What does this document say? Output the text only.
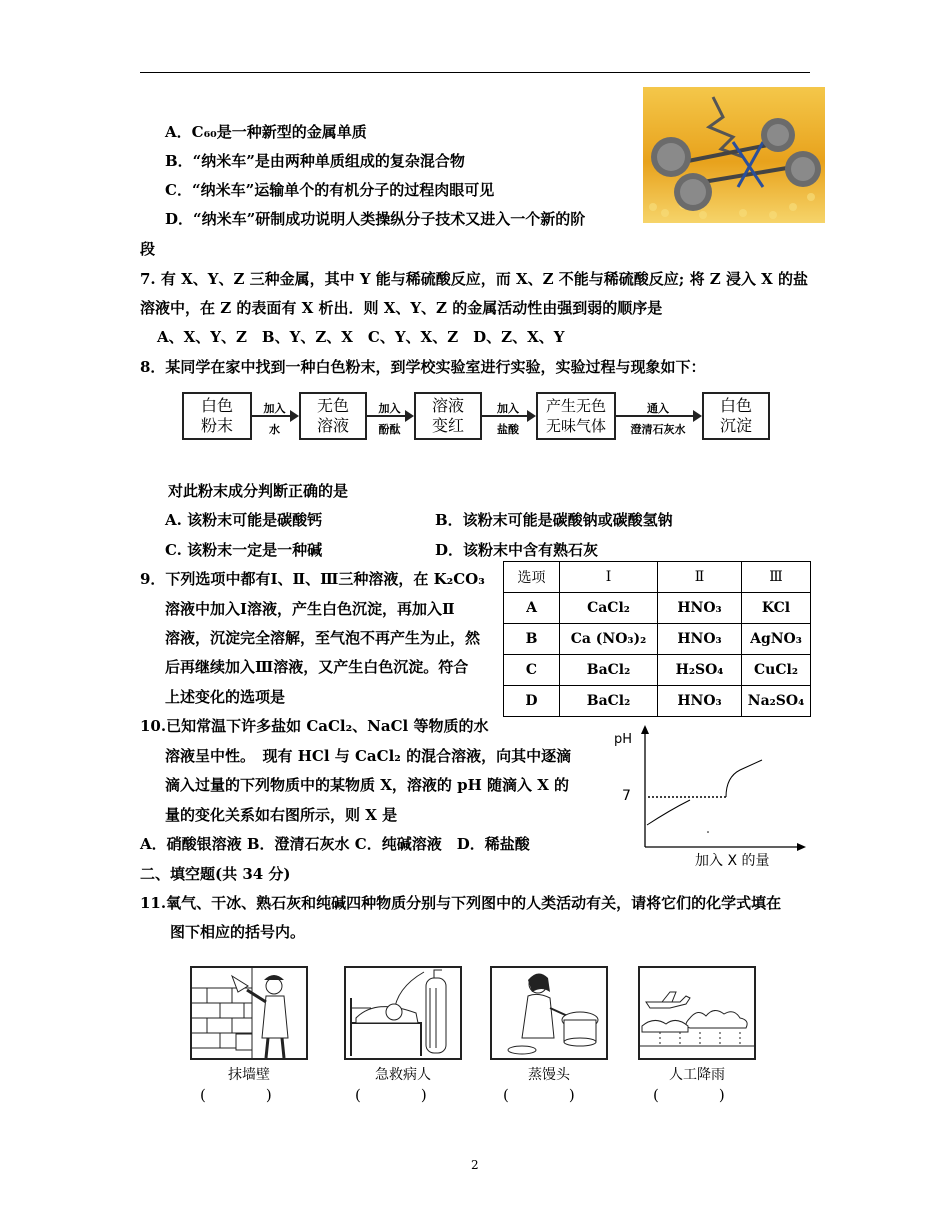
A．C₆₀是一种新型的金属单质
B．“纳米车”是由两种单质组成的复杂混合物
C．“纳米车”运输单个的有机分子的过程肉眼可见
D．“纳米车”研制成功说明人类操纵分子技术又进入一个新的阶
段
7. 有 X、Y、Z 三种金属，其中 Y 能与稀硫酸反应，而 X、Z 不能与稀硫酸反应; 将 Z 浸入 X 的盐
溶液中，在 Z 的表面有 X 析出．则 X、Y、Z 的金属活动性由强到弱的顺序是
A、X、Y、Z　B、Y、Z、X　C、Y、X、Z　D、Z、X、Y
8．某同学在家中找到一种白色粉末，到学校实验室进行实验，实验过程与现象如下：
白色
粉末
加入
水
无色
溶液
加入
酚酞
溶液
变红
加入
盐酸
产生无色
无味气体
通入
澄清石灰水
白色
沉淀
对此粉末成分判断正确的是
A. 该粉末可能是碳酸钙	B．该粉末可能是碳酸钠或碳酸氢钠
C. 该粉末一定是一种碱	D．该粉末中含有熟石灰
9．下列选项中都有Ⅰ、Ⅱ、Ⅲ三种溶液，在 K₂CO₃
溶液中加入Ⅰ溶液，产生白色沉淀，再加入Ⅱ
溶液，沉淀完全溶解，至气泡不再产生为止，然
后再继续加入Ⅲ溶液，又产生白色沉淀。符合
上述变化的选项是
选项	Ⅰ	Ⅱ	Ⅲ
A	CaCl₂	HNO₃	KCl
B	Ca (NO₃)₂	HNO₃	AgNO₃
C	BaCl₂	H₂SO₄	CuCl₂
D	BaCl₂	HNO₃	Na₂SO₄
10.已知常温下许多盐如 CaCl₂、NaCl 等物质的水
溶液呈中性。　现有 HCl 与 CaCl₂ 的混合溶液，向其中逐滴
滴入过量的下列物质中的某物质 X，溶液的 pH 随滴入 X 的
量的变化关系如右图所示，则 X 是
A．硝酸银溶液 B．澄清石灰水 C．纯碱溶液　D．稀盐酸
pH
7
加入 X 的量
二、填空题(共 34 分)
11.氧气、干冰、熟石灰和纯碱四种物质分别与下列图中的人类活动有关，请将它们的化学式填在
图下相应的括号内。
抹墙壁	急救病人	蒸馒头	人工降雨
(　　　　)	(　　　　)	(　　　　)	(　　　　)
2
